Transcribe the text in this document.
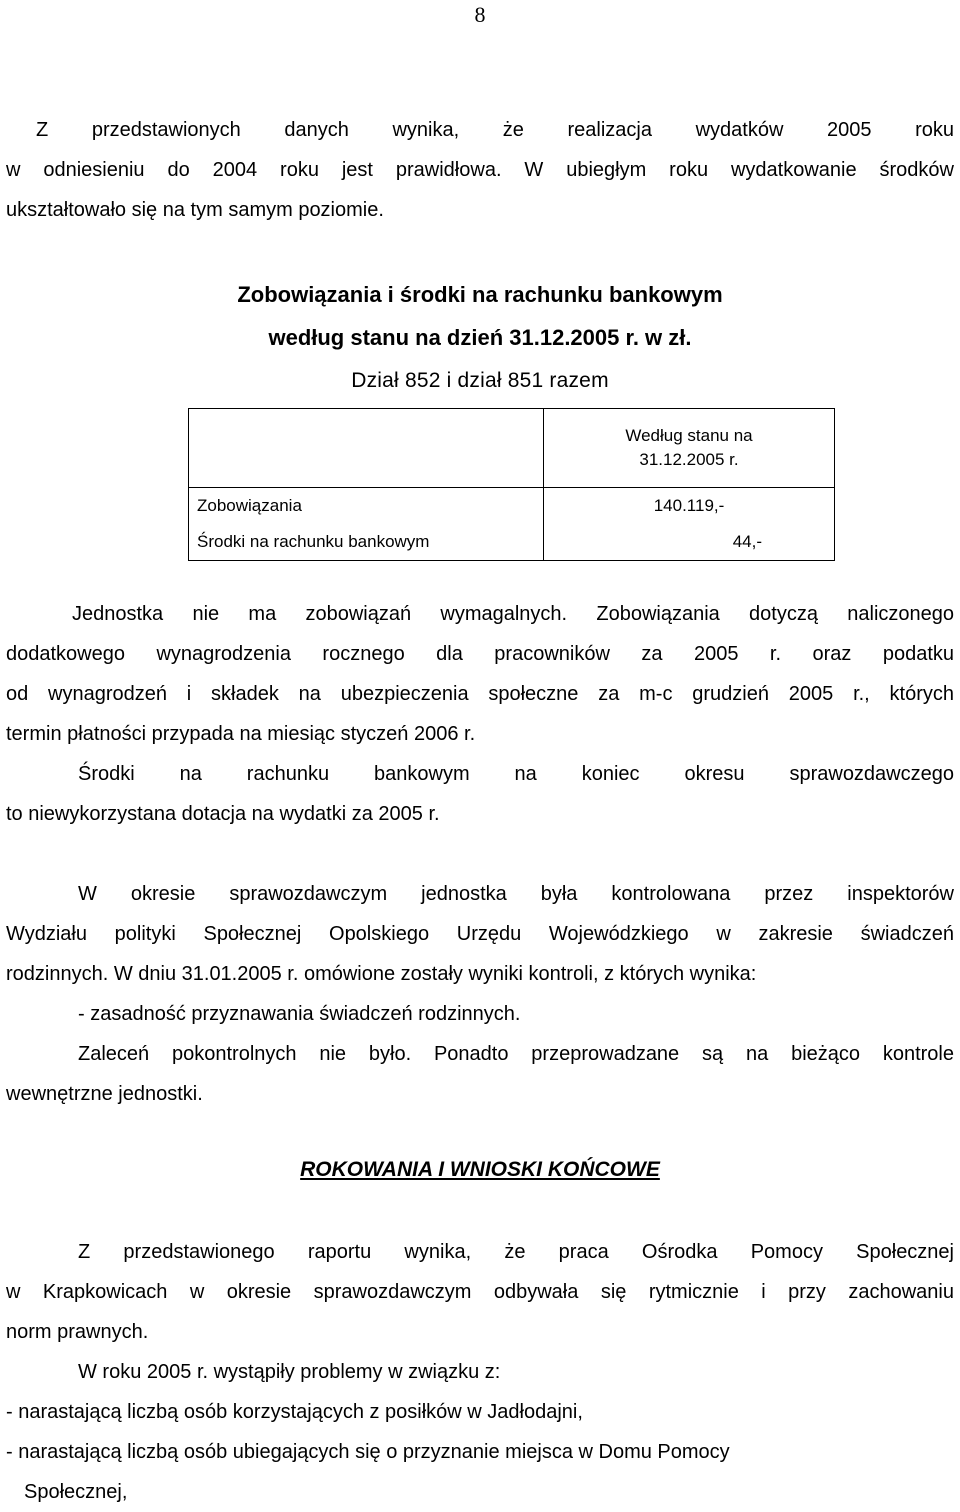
8
Z przedstawionych danych wynika, że realizacja wydatków 2005 roku
w odniesieniu do 2004 roku jest prawidłowa. W ubiegłym roku wydatkowanie środków
ukształtowało się na tym samym poziomie.
Zobowiązania i środki na rachunku bankowym
według stanu na dzień 31.12.2005 r. w zł.
Dział 852 i dział 851 razem
	Według stanu na
31.12.2005 r.
Zobowiązania	140.119,-
Środki na rachunku bankowym	44,-
Jednostka nie ma zobowiązań wymagalnych. Zobowiązania dotyczą naliczonego
dodatkowego wynagrodzenia rocznego dla pracowników za 2005 r. oraz podatku
od wynagrodzeń i składek na ubezpieczenia społeczne za m-c grudzień 2005 r., których
termin płatności przypada na miesiąc styczeń 2006 r.
Środki na rachunku bankowym na koniec okresu sprawozdawczego
to niewykorzystana dotacja na wydatki za 2005 r.
W okresie sprawozdawczym jednostka była kontrolowana przez inspektorów
Wydziału polityki Społecznej Opolskiego Urzędu Wojewódzkiego w zakresie świadczeń
rodzinnych. W dniu 31.01.2005 r. omówione zostały wyniki kontroli, z których wynika:
- zasadność przyznawania świadczeń rodzinnych.
Zaleceń pokontrolnych nie było. Ponadto przeprowadzane są na bieżąco kontrole
wewnętrzne jednostki.
ROKOWANIA I WNIOSKI KOŃCOWE
Z przedstawionego raportu wynika, że praca Ośrodka Pomocy Społecznej
w Krapkowicach w okresie sprawozdawczym odbywała się rytmicznie i przy zachowaniu
norm prawnych.
W roku 2005 r. wystąpiły problemy w związku z:
- narastającą liczbą osób korzystających z posiłków w Jadłodajni,
- narastającą liczbą osób ubiegających się o przyznanie miejsca w Domu Pomocy
Społecznej,
